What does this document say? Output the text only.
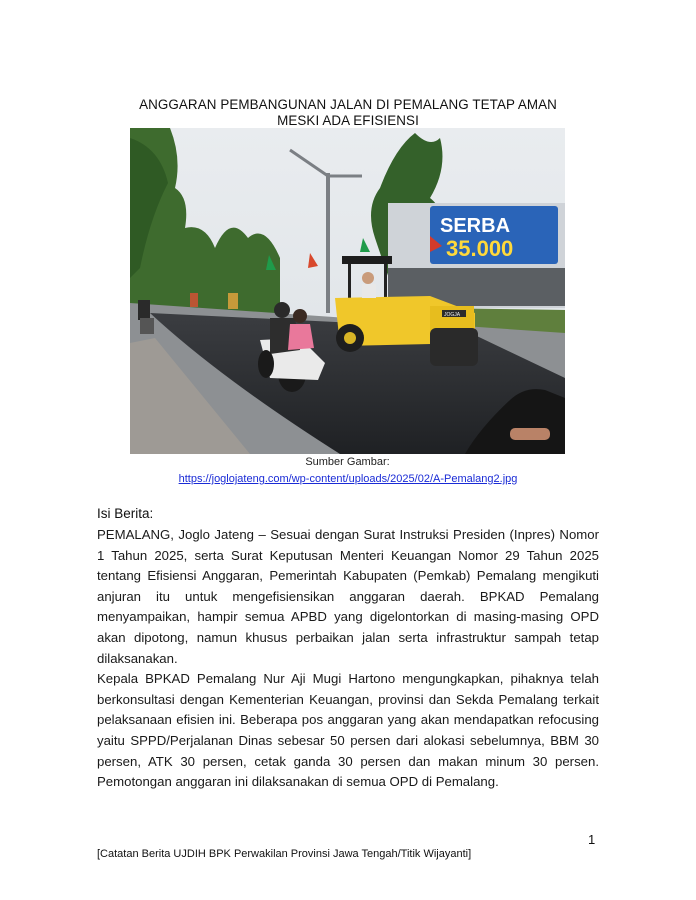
ANGGARAN PEMBANGUNAN JALAN DI PEMALANG TETAP AMAN
MESKI ADA EFISIENSI
SERBA
35.000
JOGJA
Sumber Gambar:
https://joglojateng.com/wp-content/uploads/2025/02/A-Pemalang2.jpg
Isi Berita:

PEMALANG, Joglo Jateng – Sesuai dengan Surat Instruksi Presiden (Inpres) Nomor 1 Tahun 2025, serta Surat Keputusan Menteri Keuangan Nomor 29 Tahun 2025 tentang Efisiensi Anggaran, Pemerintah Kabupaten (Pemkab) Pemalang mengikuti anjuran itu untuk mengefisiensikan anggaran daerah. BPKAD Pemalang menyampaikan, hampir semua APBD yang digelontorkan di masing-masing OPD akan dipotong, namun khusus perbaikan jalan serta infrastruktur sampah tetap dilaksanakan.

Kepala BPKAD Pemalang Nur Aji Mugi Hartono mengungkapkan, pihaknya telah berkonsultasi dengan Kementerian Keuangan, provinsi dan Sekda Pemalang terkait pelaksanaan efisien ini. Beberapa pos anggaran yang akan mendapatkan refocusing yaitu SPPD/Perjalanan Dinas sebesar 50 persen dari alokasi sebelumnya, BBM 30 persen, ATK 30 persen, cetak ganda 30 persen dan makan minum 30 persen. Pemotongan anggaran ini dilaksanakan di semua OPD di Pemalang.

1
[Catatan Berita UJDIH BPK Perwakilan Provinsi Jawa Tengah/Titik Wijayanti]
